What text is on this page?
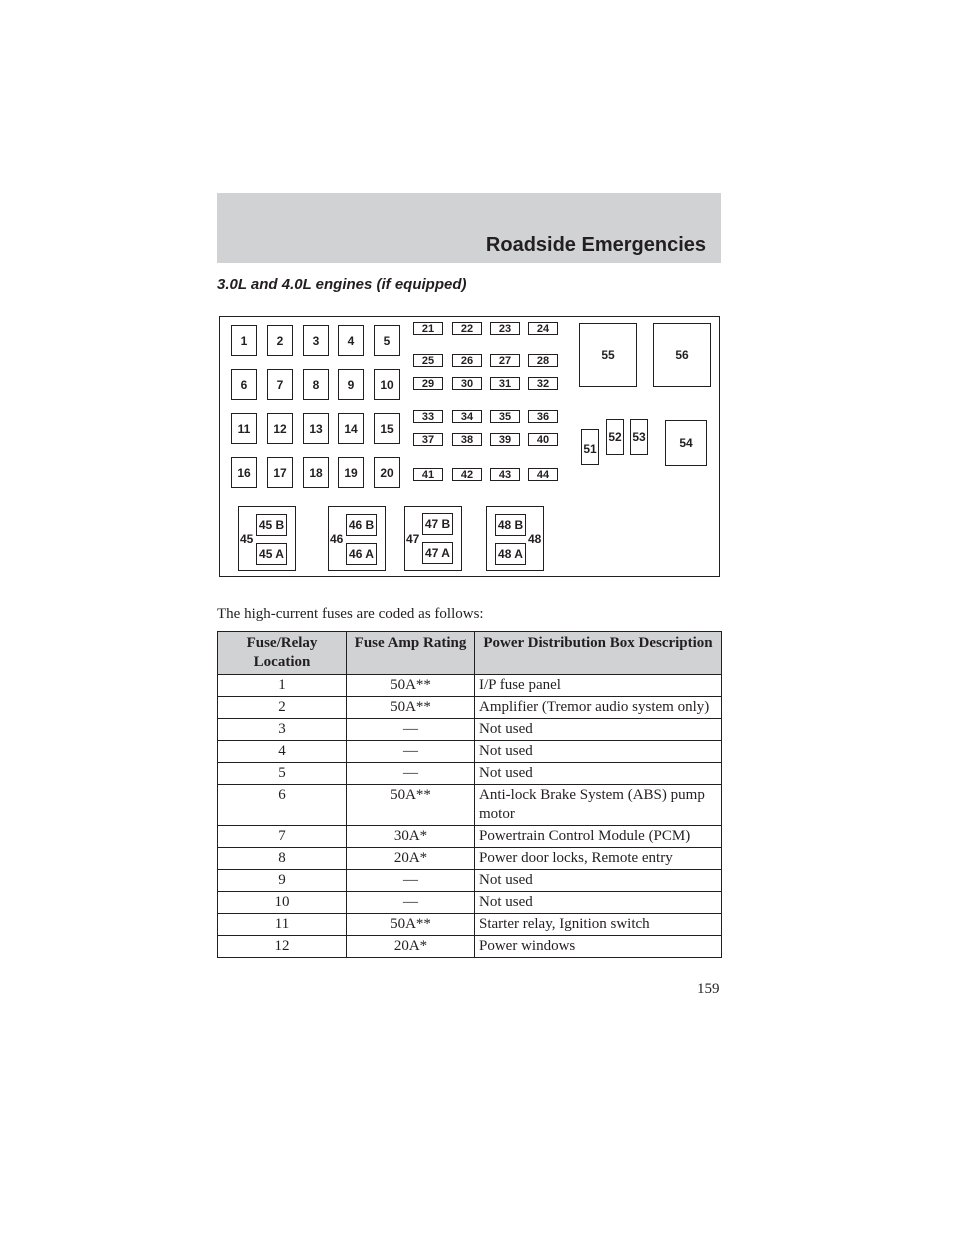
Roadside Emergencies
3.0L and 4.0L engines (if equipped)
1	2	3	4	5
6	7	8	9	10
11	12	13	14	15
16	17	18	19	20
21	22	23	24
25	26	27	28
29	30	31	32
33	34	35	36
37	38	39	40
41	42	43	44
55	56
54
51
52 53
45
45 B
45 A
46
46 B
46 A
47
47 B
47 A
48
48 B
48 A
The high-current fuses are coded as follows:
Fuse/Relay Location	Fuse Amp Rating	Power Distribution Box Description
1	50A**	I/P fuse panel
2	50A**	Amplifier (Tremor audio system only)
3	—	Not used
4	—	Not used
5	—	Not used
6	50A**	Anti-lock Brake System (ABS) pump motor
7	30A*	Powertrain Control Module (PCM)
8	20A*	Power door locks, Remote entry
9	—	Not used
10	—	Not used
11	50A**	Starter relay, Ignition switch
12	20A*	Power windows
159
